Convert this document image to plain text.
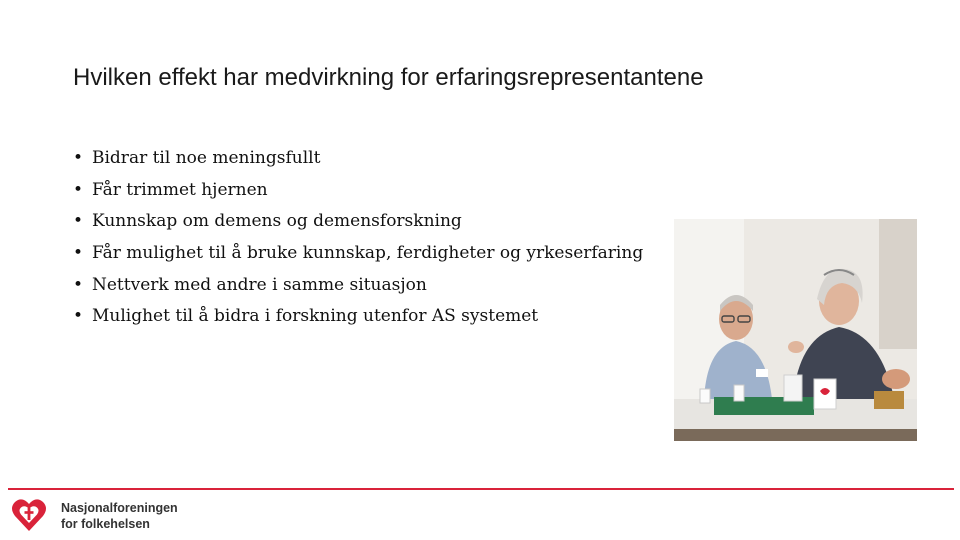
Hvilken effekt har medvirkning for erfaringsrepresentantene
• Bidrar til noe meningsfullt
• Får trimmet hjernen
• Kunnskap om demens og demensforskning
• Får mulighet til å bruke kunnskap, ferdigheter og yrkeserfaring
• Nettverk med andre i samme situasjon
• Mulighet til å bidra i forskning utenfor AS systemet
Nasjonalforeningen
for folkehelsen
